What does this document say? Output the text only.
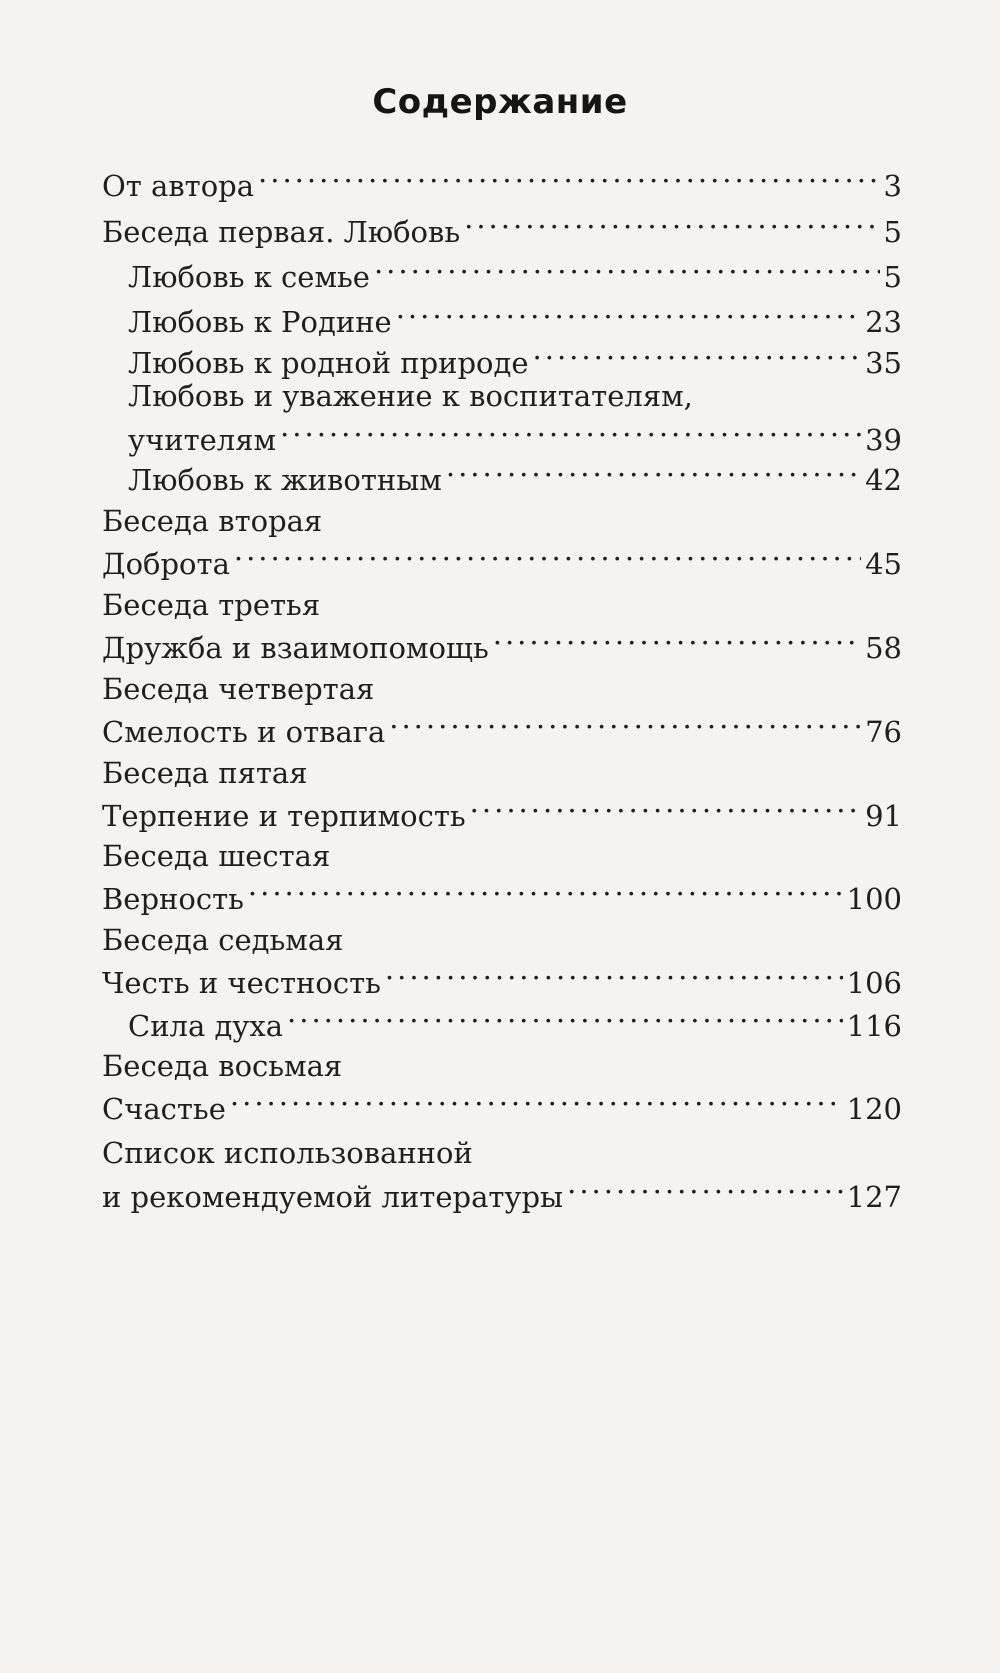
Содержание
От автора .....	3
Беседа первая. Любовь .....	5
Любовь к семье .....	5
Любовь к Родине .....	23
Любовь к родной природе .....	35
Любовь и уважение к воспитателям,
учителям .....	39
Любовь к животным .....	42
Беседа вторая
Доброта .....	45
Беседа третья
Дружба и взаимопомощь .....	58
Беседа четвертая
Смелость и отвага .....	76
Беседа пятая
Терпение и терпимость .....	91
Беседа шестая
Верность .....	100
Беседа седьмая
Честь и честность .....	106
Сила духа .....	116
Беседа восьмая
Счастье .....	120
Список использованной
и рекомендуемой литературы .....	127
